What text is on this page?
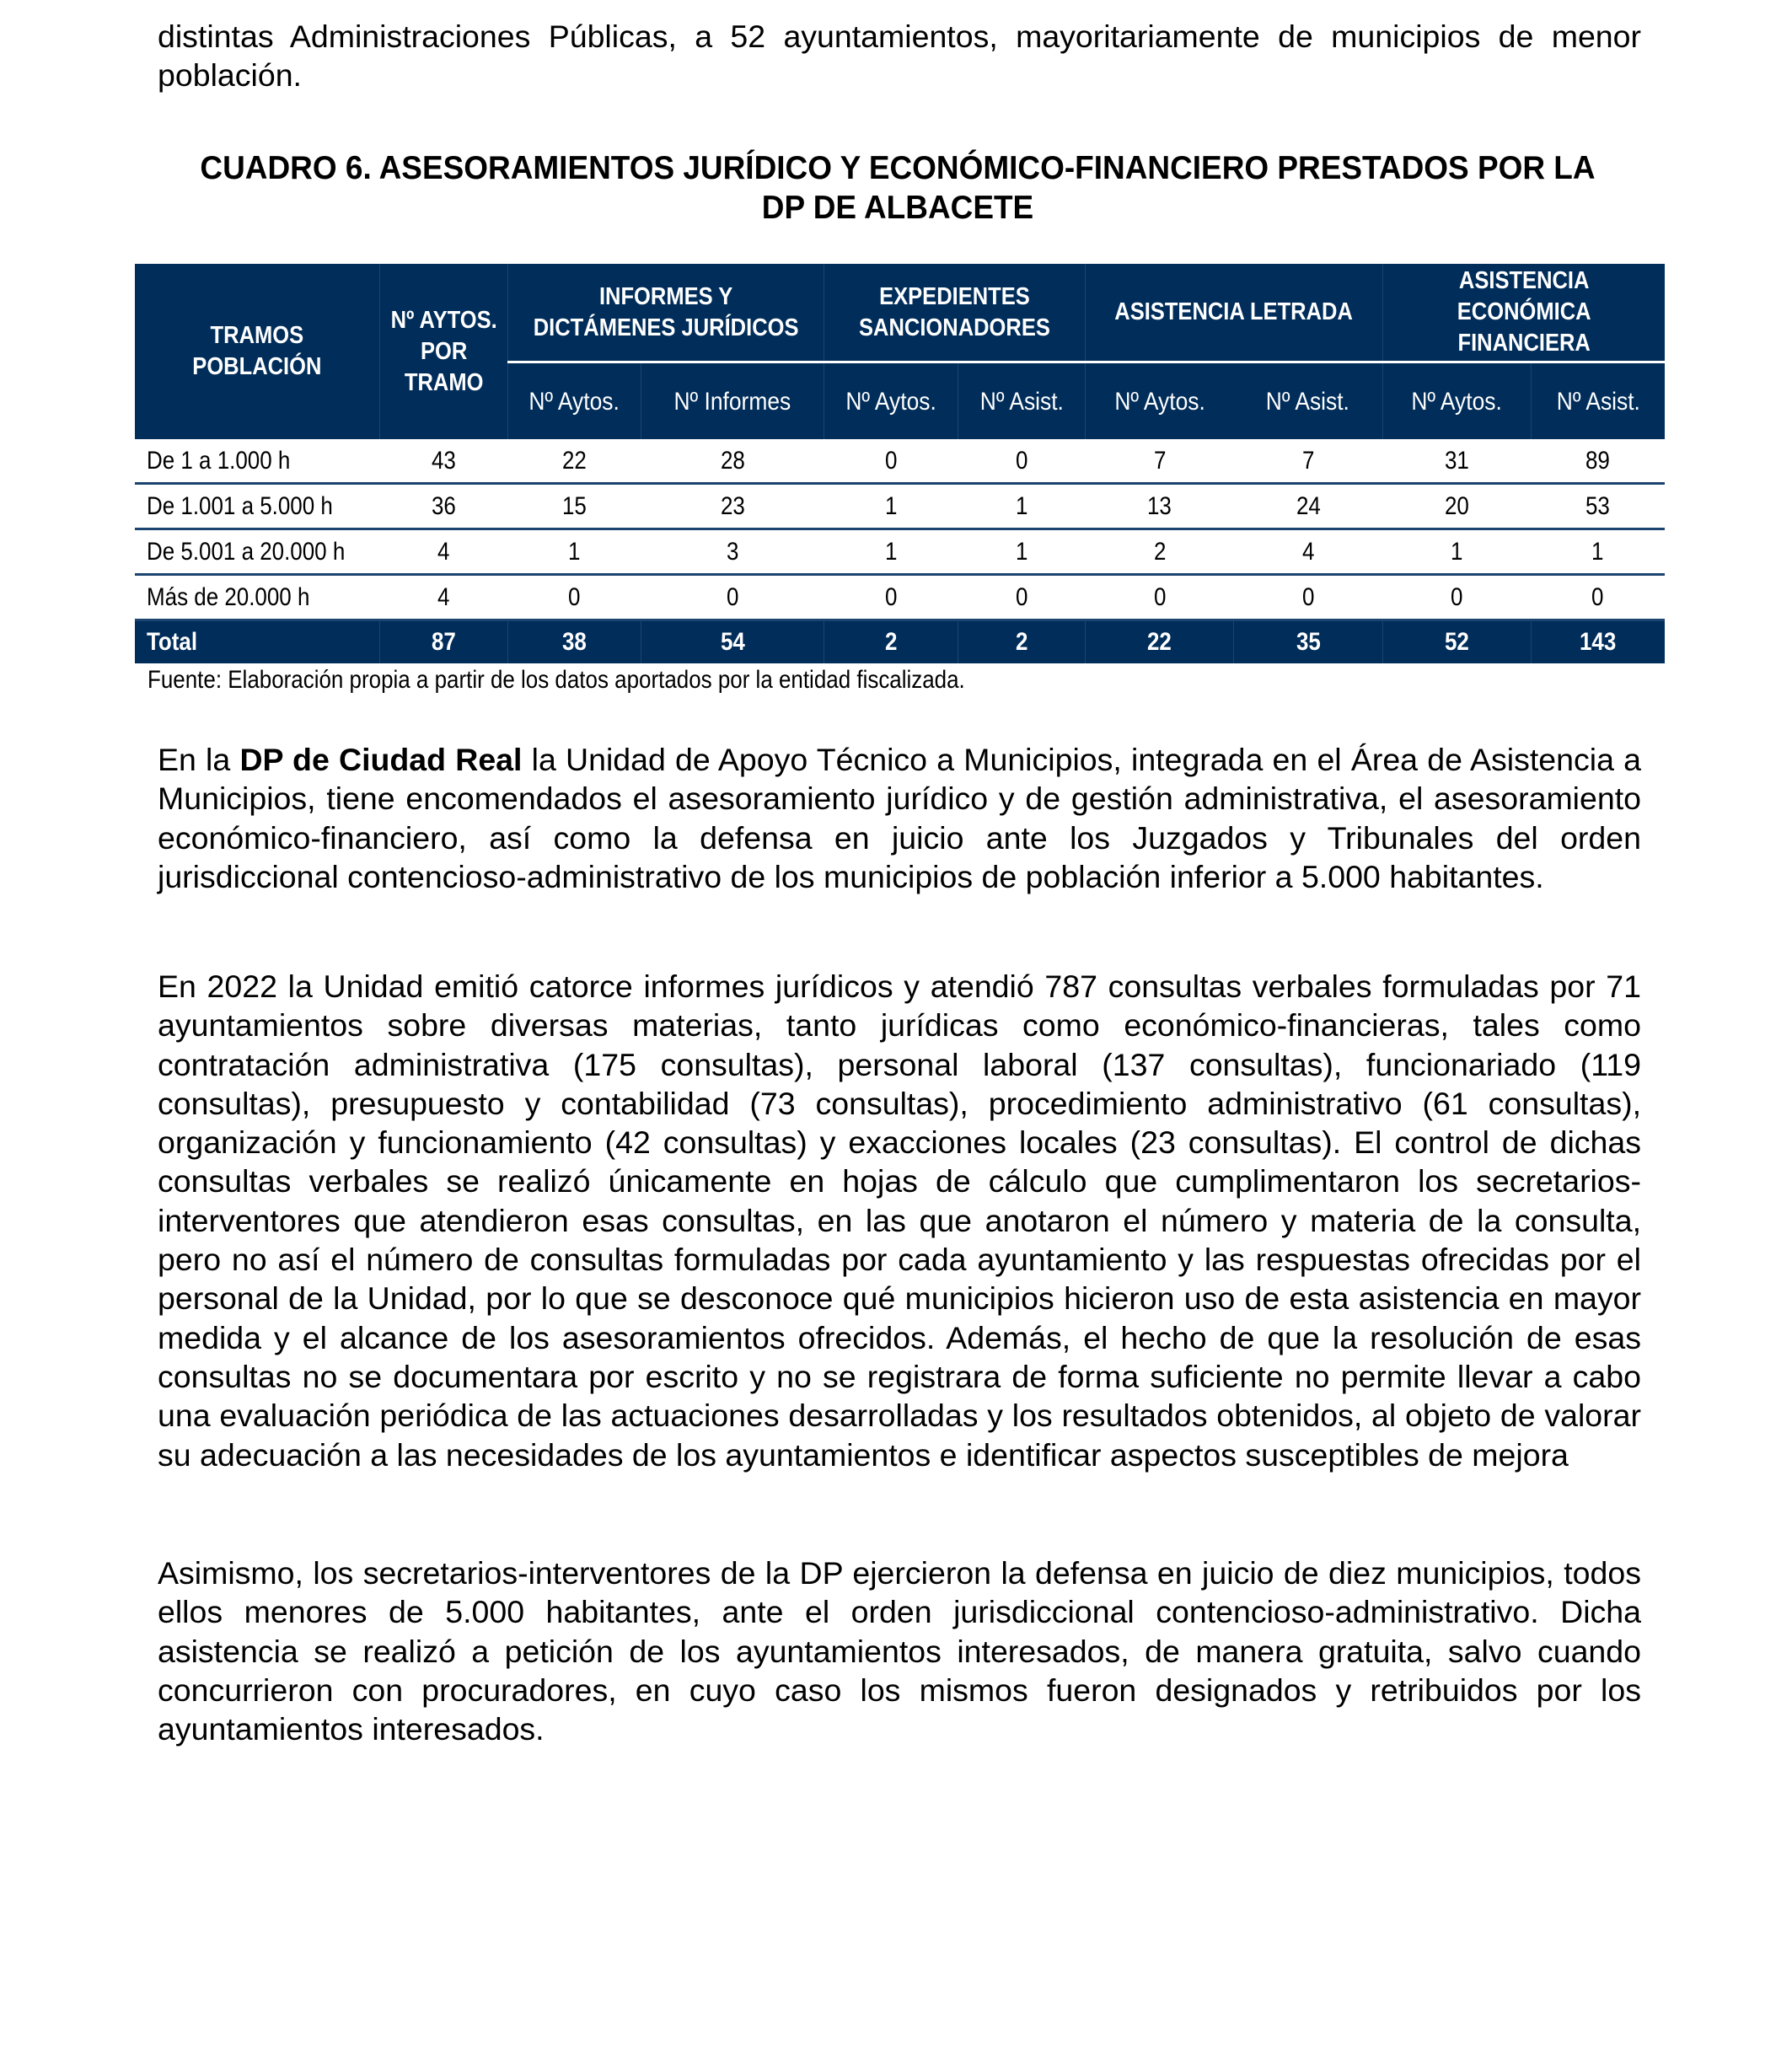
distintas Administraciones Públicas, a 52 ayuntamientos, mayoritariamente de municipios de menor población.

CUADRO 6. ASESORAMIENTOS JURÍDICO Y ECONÓMICO-FINANCIERO PRESTADOS POR LA DP DE ALBACETE
TRAMOS POBLACIÓN	Nº AYTOS. POR TRAMO	INFORMES Y DICTÁMENES JURÍDICOS		EXPEDIENTES SANCIONADORES		ASISTENCIA LETRADA		ASISTENCIA ECONÓMICA FINANCIERA	
		Nº Aytos.	Nº Informes	Nº Aytos.	Nº Asist.	Nº Aytos.	Nº Asist.	Nº Aytos.	Nº Asist.
De 1 a 1.000 h	43	22	28	0	0	7	7	31	89
De 1.001 a 5.000 h	36	15	23	1	1	13	24	20	53
De 5.001 a 20.000 h	4	1	3	1	1	2	4	1	1
Más de 20.000 h	4	0	0	0	0	0	0	0	0
Total	87	38	54	2	2	22	35	52	143
Fuente: Elaboración propia a partir de los datos aportados por la entidad fiscalizada.

En la DP de Ciudad Real la Unidad de Apoyo Técnico a Municipios, integrada en el Área de Asistencia a Municipios, tiene encomendados el asesoramiento jurídico y de gestión administrativa, el asesoramiento económico-financiero, así como la defensa en juicio ante los Juzgados y Tribunales del orden jurisdiccional contencioso-administrativo de los municipios de población inferior a 5.000 habitantes.

En 2022 la Unidad emitió catorce informes jurídicos y atendió 787 consultas verbales formuladas por 71 ayuntamientos sobre diversas materias, tanto jurídicas como económico-financieras, tales como contratación administrativa (175 consultas), personal laboral (137 consultas), funcionariado (119 consultas), presupuesto y contabilidad (73 consultas), procedimiento administrativo (61 consultas), organización y funcionamiento (42 consultas) y exacciones locales (23 consultas). El control de dichas consultas verbales se realizó únicamente en hojas de cálculo que cumplimentaron los secretarios-interventores que atendieron esas consultas, en las que anotaron el número y materia de la consulta, pero no así el número de consultas formuladas por cada ayuntamiento y las respuestas ofrecidas por el personal de la Unidad, por lo que se desconoce qué municipios hicieron uso de esta asistencia en mayor medida y el alcance de los asesoramientos ofrecidos. Además, el hecho de que la resolución de esas consultas no se documentara por escrito y no se registrara de forma suficiente no permite llevar a cabo una evaluación periódica de las actuaciones desarrolladas y los resultados obtenidos, al objeto de valorar su adecuación a las necesidades de los ayuntamientos e identificar aspectos susceptibles de mejora

Asimismo, los secretarios-interventores de la DP ejercieron la defensa en juicio de diez municipios, todos ellos menores de 5.000 habitantes, ante el orden jurisdiccional contencioso-administrativo. Dicha asistencia se realizó a petición de los ayuntamientos interesados, de manera gratuita, salvo cuando concurrieron con procuradores, en cuyo caso los mismos fueron designados y retribuidos por los ayuntamientos interesados.
